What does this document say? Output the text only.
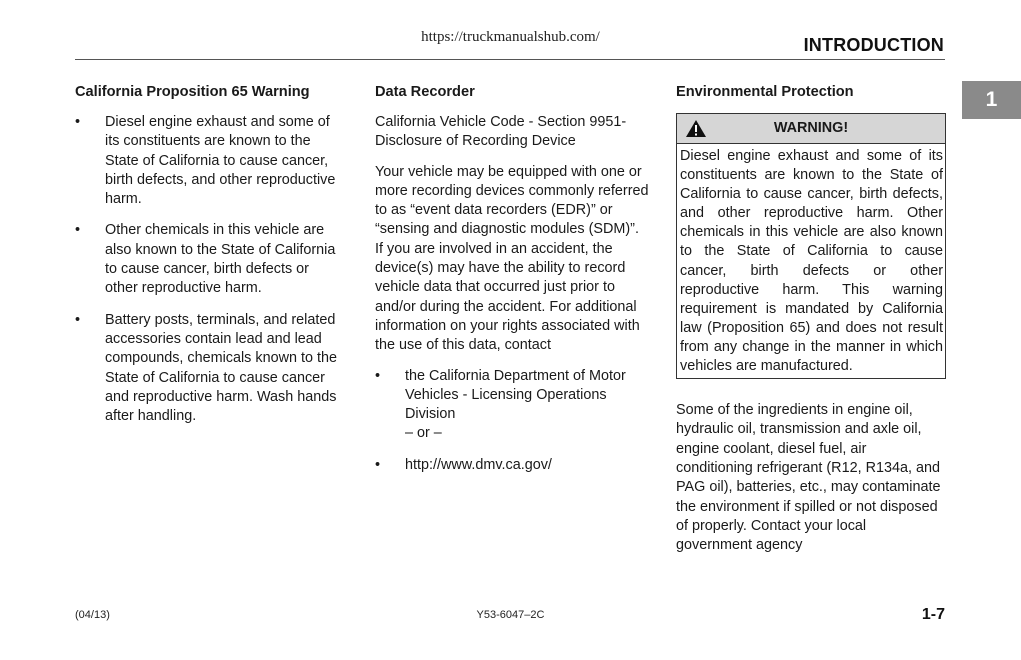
https://truckmanualshub.com/	INTRODUCTION
1
California Proposition 65 Warning
• Diesel engine exhaust and some of its constituents are known to the State of California to cause cancer, birth defects, and other reproductive harm.
• Other chemicals in this vehicle are also known to the State of California to cause cancer, birth defects or other reproductive harm.
• Battery posts, terminals, and related accessories contain lead and lead compounds, chemicals known to the State of California to cause cancer and reproductive harm. Wash hands after handling.
Data Recorder

California Vehicle Code - Section 9951- Disclosure of Recording Device

Your vehicle may be equipped with one or more recording devices commonly referred to as “event data recorders (EDR)” or “sensing and diagnostic modules (SDM)”. If you are involved in an accident, the device(s) may have the ability to record vehicle data that occurred just prior to and/or during the accident. For additional information on your rights associated with the use of this data, contact

• the California Department of Motor Vehicles - Licensing Operations Division
– or –
• http://www.dmv.ca.gov/
Environmental Protection
WARNING!
Diesel engine exhaust and some of its constituents are known to the State of California to cause cancer, birth defects, and other reproductive harm. Other chemicals in this vehicle are also known to the State of California to cause cancer, birth defects or other reproductive harm. This warning requirement is mandated by California law (Proposition 65) and does not result from any change in the manner in which vehicles are manufactured.
Some of the ingredients in engine oil, hydraulic oil, transmission and axle oil, engine coolant, diesel fuel, air conditioning refrigerant (R12, R134a, and PAG oil), batteries, etc., may contaminate the environment if spilled or not disposed of properly. Contact your local government agency
(04/13)	Y53-6047–2C	1-7
